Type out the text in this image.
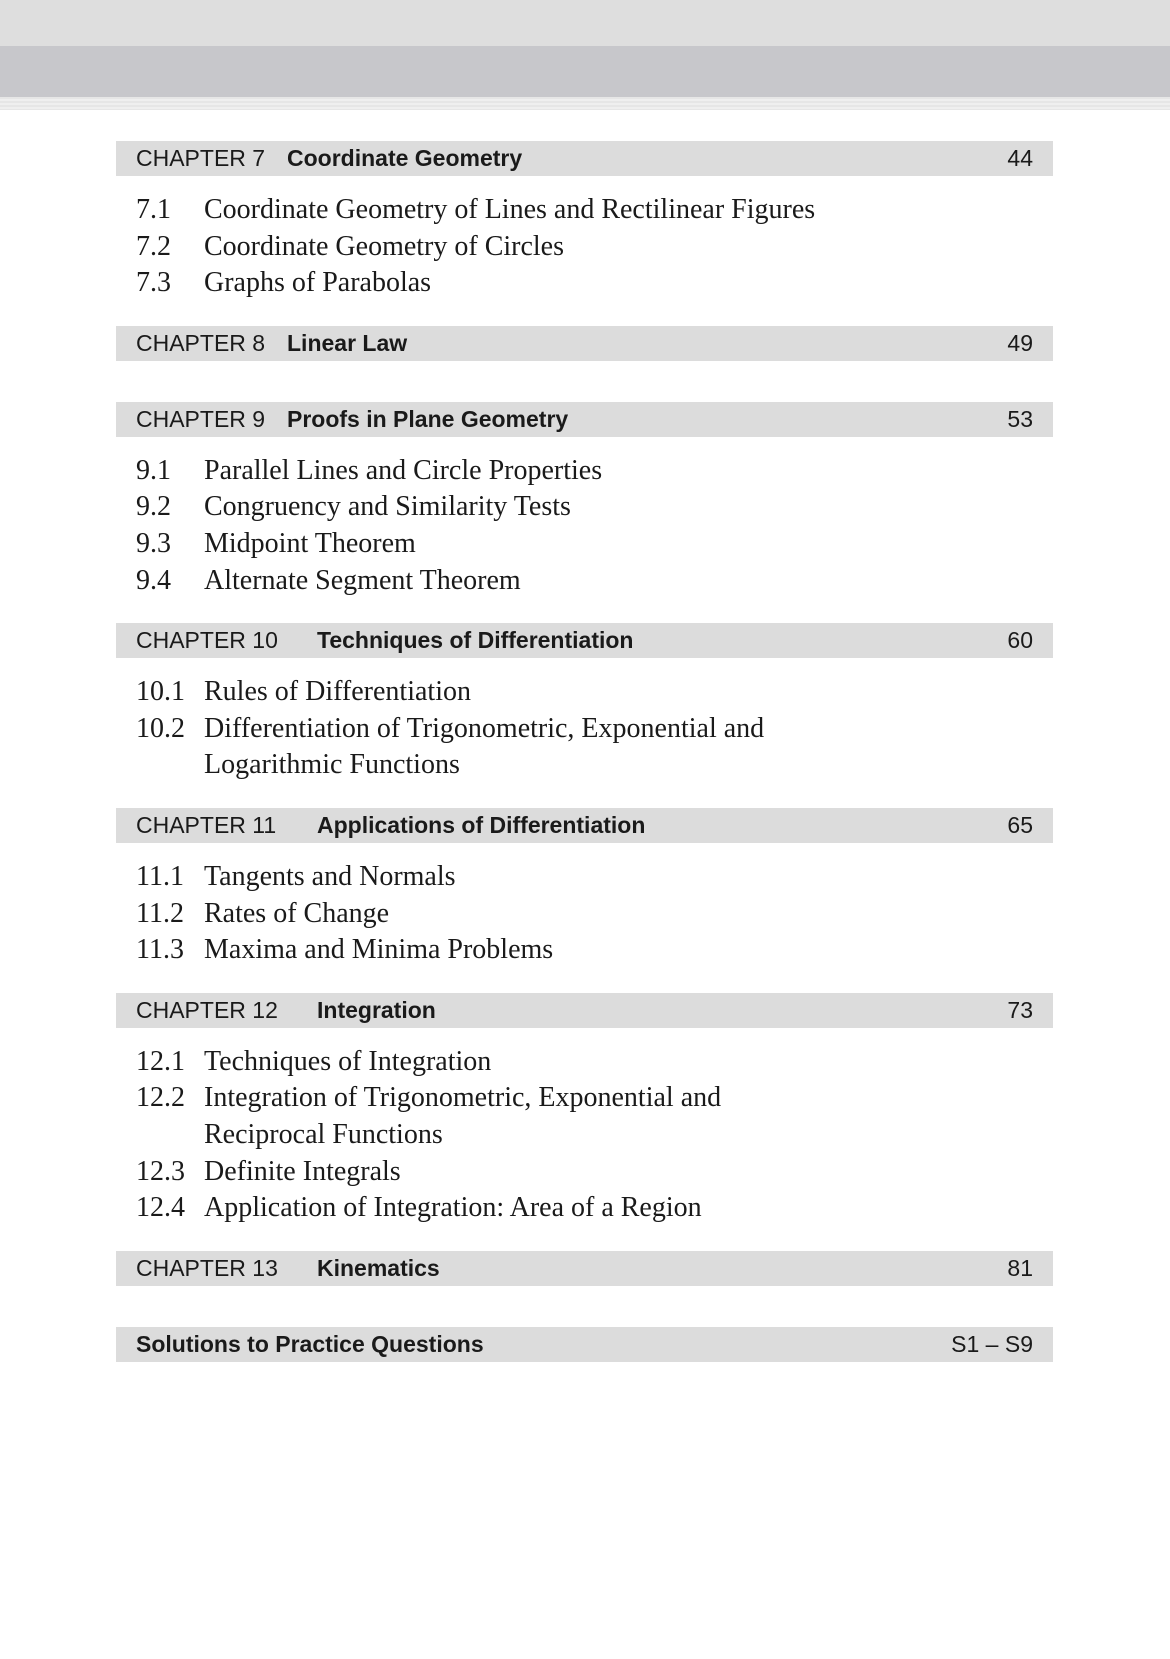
CHAPTER 7 Coordinate Geometry	44
7.1 Coordinate Geometry of Lines and Rectilinear Figures
7.2 Coordinate Geometry of Circles
7.3 Graphs of Parabolas
CHAPTER 8 Linear Law	49
CHAPTER 9 Proofs in Plane Geometry	53
9.1 Parallel Lines and Circle Properties
9.2 Congruency and Similarity Tests
9.3 Midpoint Theorem
9.4 Alternate Segment Theorem
CHAPTER 10 Techniques of Differentiation	60
10.1 Rules of Differentiation
10.2 Differentiation of Trigonometric, Exponential and
Logarithmic Functions
CHAPTER 11 Applications of Differentiation	65
11.1 Tangents and Normals
11.2 Rates of Change
11.3 Maxima and Minima Problems
CHAPTER 12 Integration	73
12.1 Techniques of Integration
12.2 Integration of Trigonometric, Exponential and
Reciprocal Functions
12.3 Definite Integrals
12.4 Application of Integration: Area of a Region
CHAPTER 13 Kinematics	81
Solutions to Practice Questions	S1 – S9
